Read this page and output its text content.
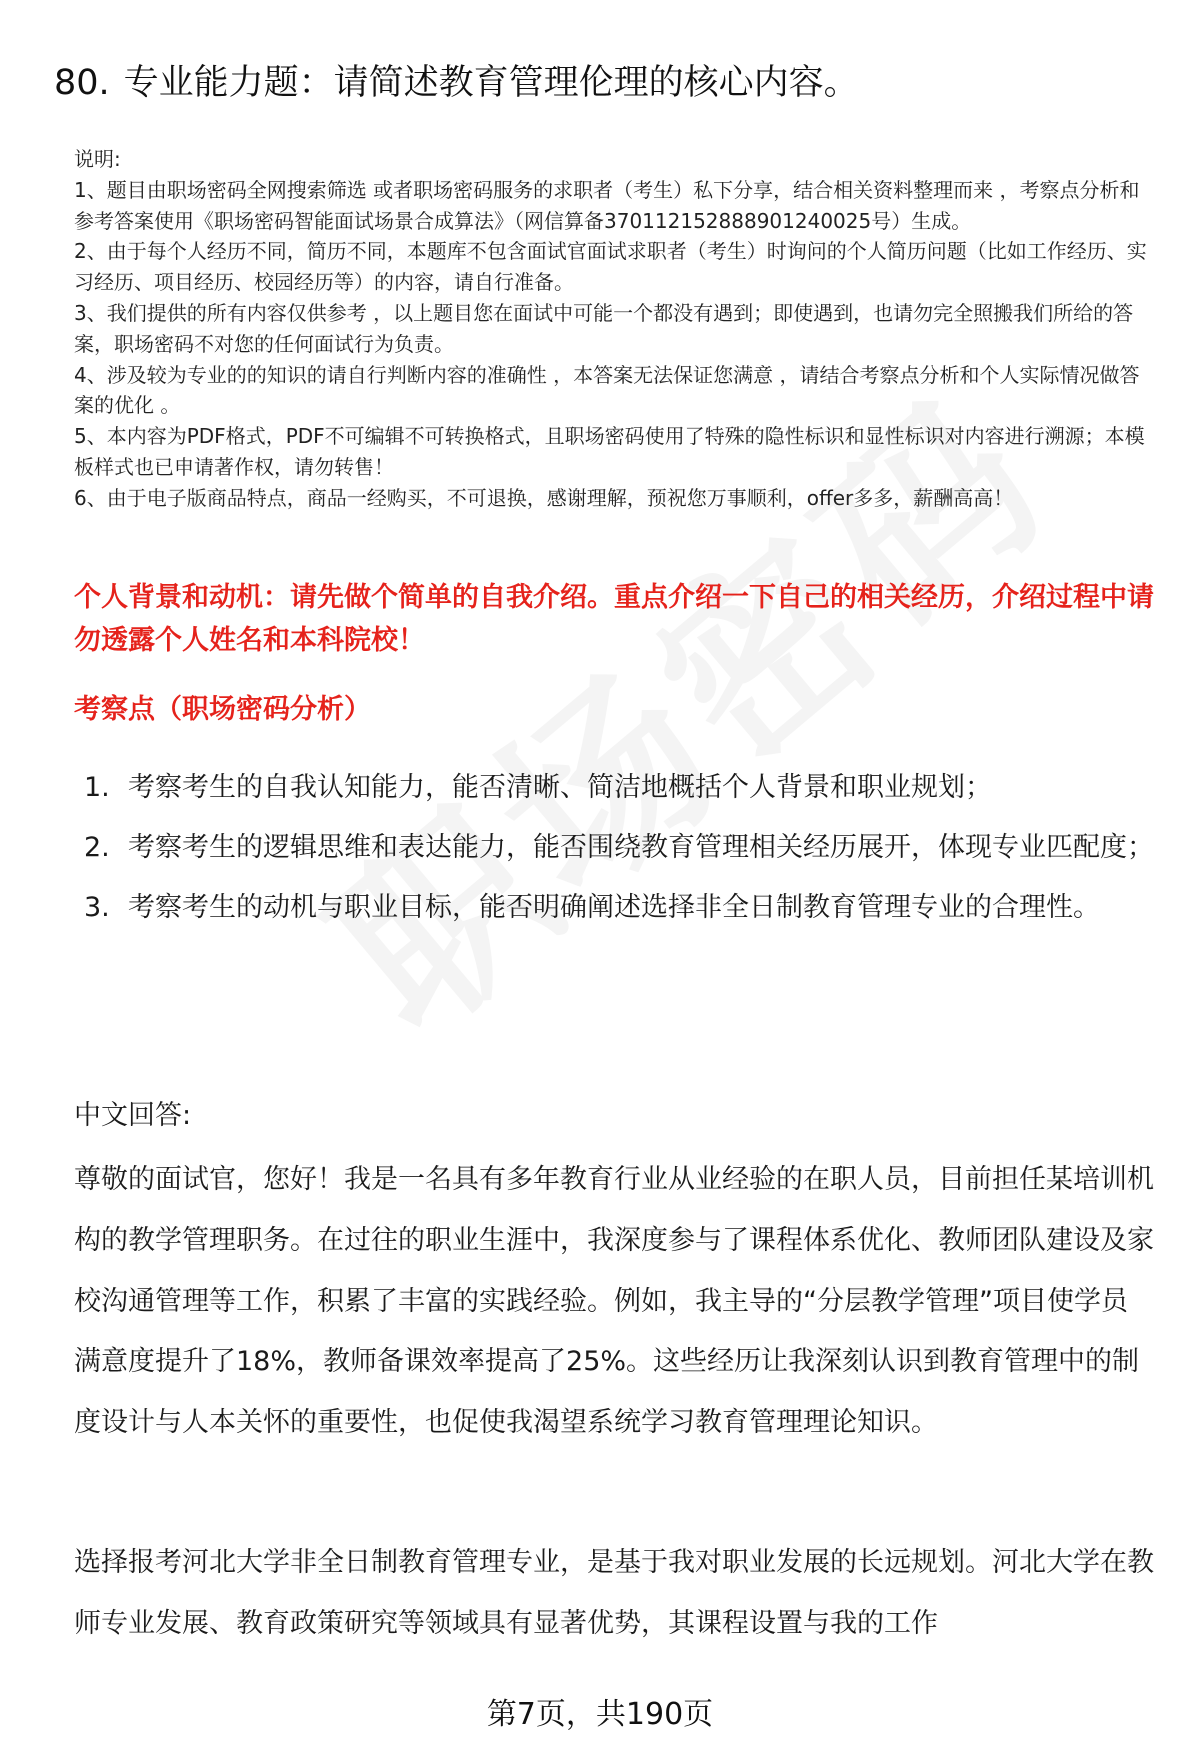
80. 专业能力题：请简述教育管理伦理的核心内容。

说明:

1、题目由职场密码全网搜索筛选 或者职场密码服务的求职者（考生）私下分享，结合相关资料整理而来 ，考察点分析和参考答案使用《职场密码智能面试场景合成算法》（网信算备370112152888901240025号）生成。

2、由于每个人经历不同，简历不同，本题库不包含面试官面试求职者（考生）时询问的个人简历问题（比如工作经历、实习经历、项目经历、校园经历等）的内容，请自行准备。

3、我们提供的所有内容仅供参考 ，以上题目您在面试中可能一个都没有遇到；即使遇到，也请勿完全照搬我们所给的答案，职场密码不对您的任何面试行为负责。

4、涉及较为专业的的知识的请自行判断内容的准确性 ，本答案无法保证您满意 ，请结合考察点分析和个人实际情况做答案的优化 。

5、本内容为PDF格式，PDF不可编辑不可转换格式，且职场密码使用了特殊的隐性标识和显性标识对内容进行溯源；本模板样式也已申请著作权，请勿转售！

6、由于电子版商品特点，商品一经购买，不可退换，感谢理解，预祝您万事顺利，offer多多，薪酬高高！

个人背景和动机：请先做个简单的自我介绍。重点介绍一下自己的相关经历，介绍过程中请勿透露个人姓名和本科院校！
考察点（职场密码分析）
1. 考察考生的自我认知能力，能否清晰、简洁地概括个人背景和职业规划；
2. 考察考生的逻辑思维和表达能力，能否围绕教育管理相关经历展开，体现专业匹配度；
3. 考察考生的动机与职业目标，能否明确阐述选择非全日制教育管理专业的合理性。
中文回答:

尊敬的面试官，您好！我是一名具有多年教育行业从业经验的在职人员，目前担任某培训机构的教学管理职务。在过往的职业生涯中，我深度参与了课程体系优化、教师团队建设及家校沟通管理等工作，积累了丰富的实践经验。例如，我主导的“分层教学管理”项目使学员满意度提升了18%，教师备课效率提高了25%。这些经历让我深刻认识到教育管理中的制度设计与人本关怀的重要性，也促使我渴望系统学习教育管理理论知识。

选择报考河北大学非全日制教育管理专业，是基于我对职业发展的长远规划。河北大学在教师专业发展、教育政策研究等领域具有显著优势，其课程设置与我的工作

第7页，共190页
